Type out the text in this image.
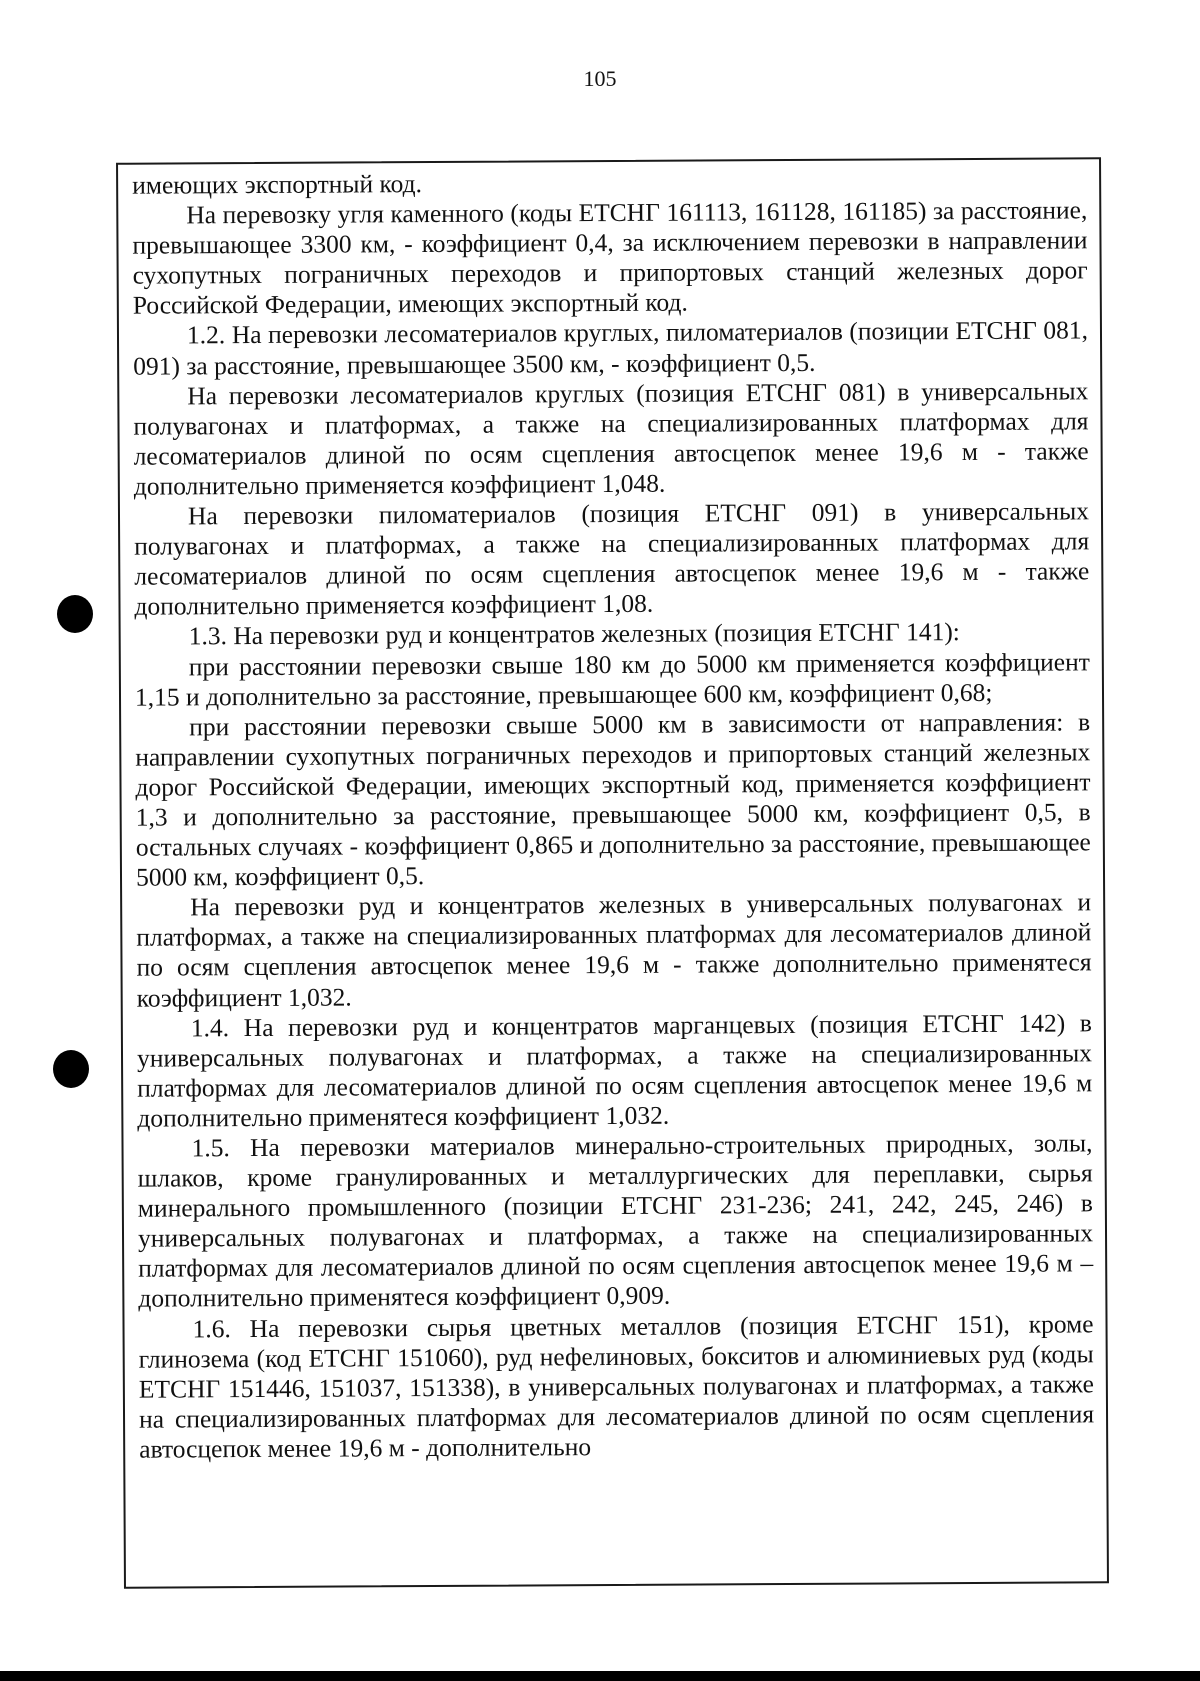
105

имеющих экспортный код.

На перевозку угля каменного (коды ЕТСНГ 161113, 161128, 161185) за расстояние, превышающее 3300 км, - коэффициент 0,4, за исключением перевозки в направлении сухопутных пограничных переходов и припортовых станций железных дорог Российской Федерации, имеющих экспортный код.

1.2. На перевозки лесоматериалов круглых, пиломатериалов (позиции ЕТСНГ 081, 091) за расстояние, превышающее 3500 км, - коэффициент 0,5.

На перевозки лесоматериалов круглых (позиция ЕТСНГ 081) в универсальных полувагонах и платформах, а также на специализированных платформах для лесоматериалов длиной по осям сцепления автосцепок менее 19,6 м - также дополнительно применяется коэффициент 1,048.

На перевозки пиломатериалов (позиция ЕТСНГ 091) в универсальных полувагонах и платформах, а также на специализированных платформах для лесоматериалов длиной по осям сцепления автосцепок менее 19,6 м - также дополнительно применяется коэффициент 1,08.

1.3. На перевозки руд и концентратов железных (позиция ЕТСНГ 141):

при расстоянии перевозки свыше 180 км до 5000 км применяется коэффициент 1,15 и дополнительно за расстояние, превышающее 600 км, коэффициент 0,68;

при расстоянии перевозки свыше 5000 км в зависимости от направления: в направлении сухопутных пограничных переходов и припортовых станций железных дорог Российской Федерации, имеющих экспортный код, применяется коэффициент 1,3 и дополнительно за расстояние, превышающее 5000 км, коэффициент 0,5, в остальных случаях - коэффициент 0,865 и дополнительно за расстояние, превышающее 5000 км, коэффициент 0,5.

На перевозки руд и концентратов железных в универсальных полувагонах и платформах, а также на специализированных платформах для лесоматериалов длиной по осям сцепления автосцепок менее 19,6 м - также дополнительно применятеся коэффициент 1,032.

1.4. На перевозки руд и концентратов марганцевых (позиция ЕТСНГ 142) в универсальных полувагонах и платформах, а также на специализированных платформах для лесоматериалов длиной по осям сцепления автосцепок менее 19,6 м дополнительно применятеся коэффициент 1,032.

1.5. На перевозки материалов минерально-строительных природных, золы, шлаков, кроме гранулированных и металлургических для переплавки, сырья минерального промышленного (позиции ЕТСНГ 231-236; 241, 242, 245, 246) в универсальных полувагонах и платформах, а также на специализированных платформах для лесоматериалов длиной по осям сцепления автосцепок менее 19,6 м – дополнительно применятеся коэффициент 0,909.

1.6. На перевозки сырья цветных металлов (позиция ЕТСНГ 151), кроме глинозема (код ЕТСНГ 151060), руд нефелиновых, бокситов и алюминиевых руд (коды ЕТСНГ 151446, 151037, 151338), в универсальных полувагонах и платформах, а также на специализированных платформах для лесоматериалов длиной по осям сцепления автосцепок менее 19,6 м - дополнительно
